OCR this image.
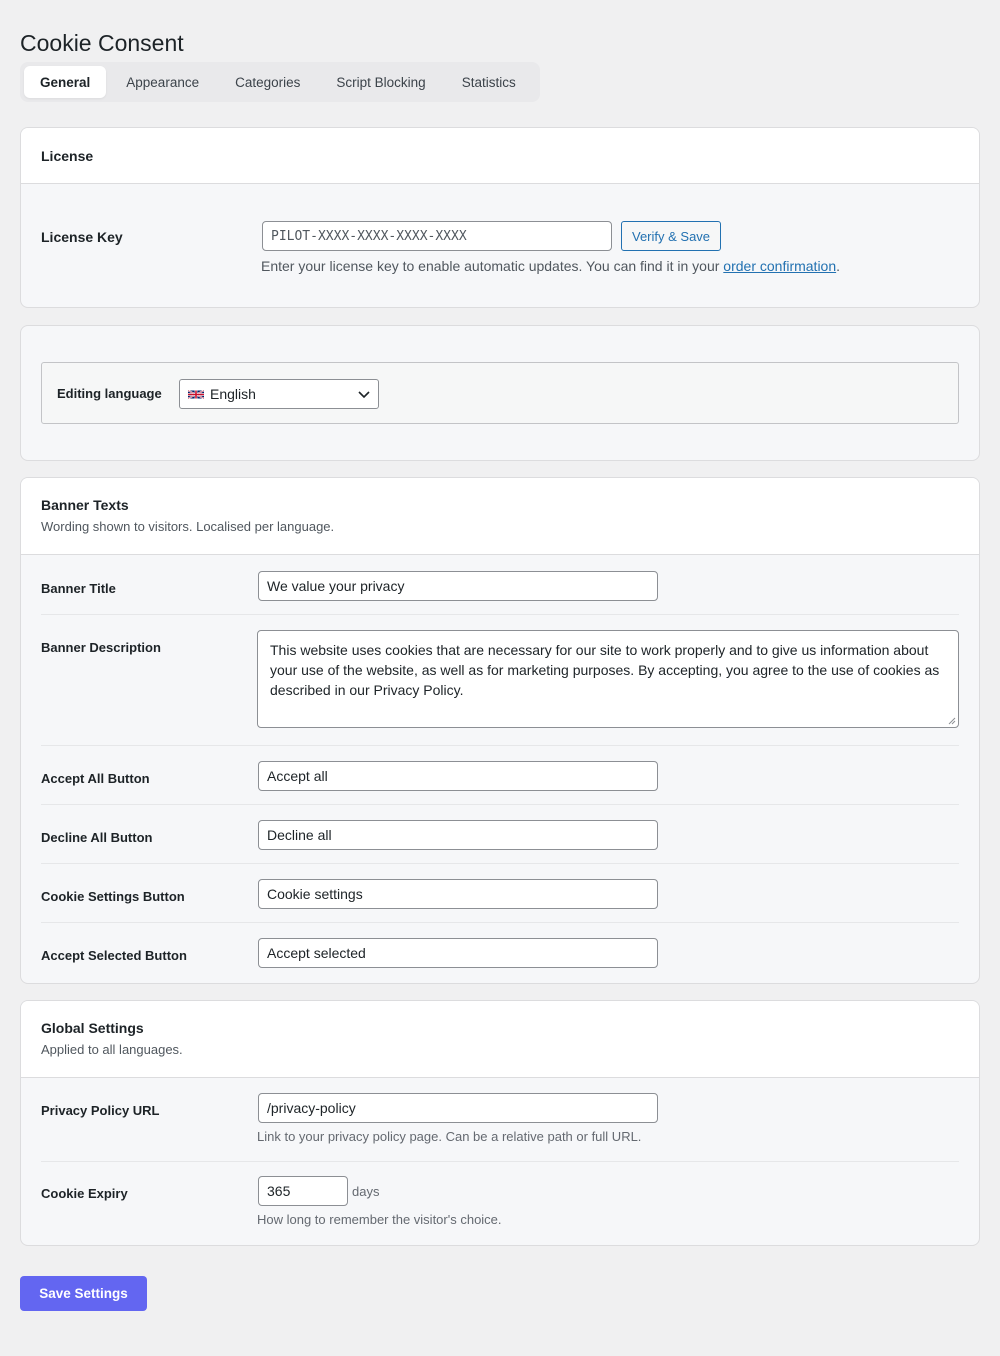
Cookie Consent
General	Appearance	Categories	Script Blocking	Statistics
License
License Key	PILOT-XXXX-XXXX-XXXX-XXXX	Verify & Save
Enter your license key to enable automatic updates. You can find it in your order confirmation.
Editing language	English
Banner Texts
Wording shown to visitors. Localised per language.
Banner Title	We value your privacy
Banner Description	This website uses cookies that are necessary for our site to work properly and to give us information about your use of the website, as well as for marketing purposes. By accepting, you agree to the use of cookies as described in our Privacy Policy.
Accept All Button	Accept all
Decline All Button	Decline all
Cookie Settings Button	Cookie settings
Accept Selected Button	Accept selected
Global Settings
Applied to all languages.
Privacy Policy URL	/privacy-policy
Link to your privacy policy page. Can be a relative path or full URL.
Cookie Expiry	365	days
How long to remember the visitor's choice.
Save Settings
